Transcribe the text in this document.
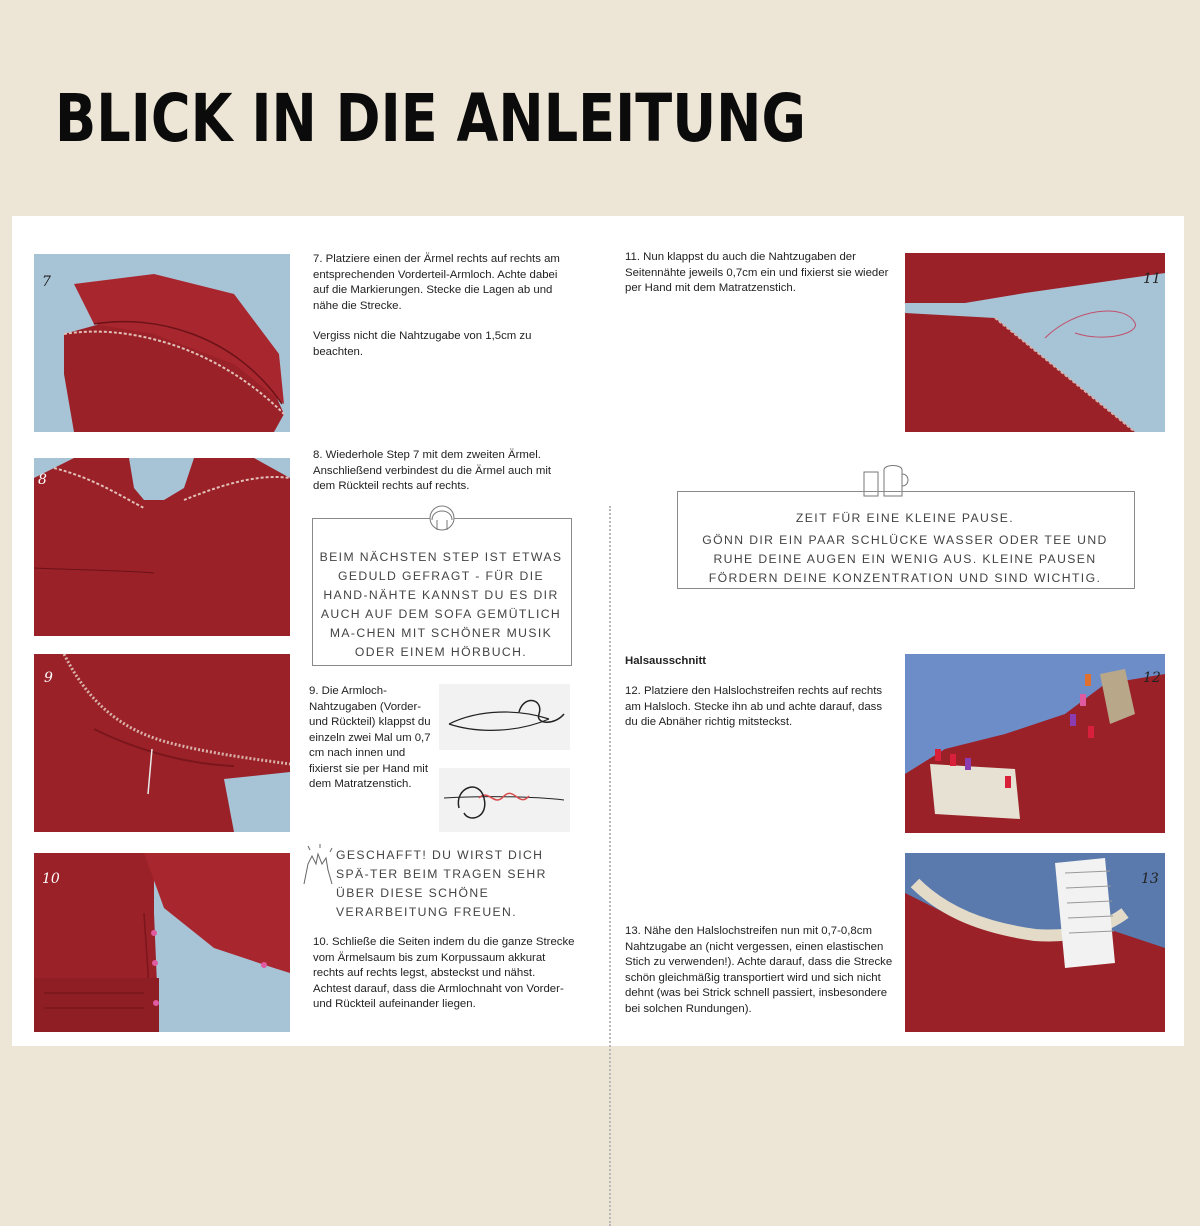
BLICK IN DIE ANLEITUNG
7

7. Platziere einen der Ärmel rechts auf rechts am entsprechenden Vorderteil-Armloch. Achte dabei auf die Markierungen. Stecke die Lagen ab und nähe die Strecke.

Vergiss nicht die Nahtzugabe von 1,5cm zu beachten.

8
8. Wiederhole Step 7 mit dem zweiten Ärmel. Anschließend verbindest du die Ärmel auch mit dem Rückteil rechts auf rechts.
BEIM NÄCHSTEN STEP IST ETWAS GEDULD GEFRAGT - FÜR DIE HAND-NÄHTE KANNST DU ES DIR AUCH AUF DEM SOFA GEMÜTLICH MA-CHEN MIT SCHÖNER MUSIK ODER EINEM HÖRBUCH.
9
9. Die Armloch-Nahtzugaben (Vorder- und Rückteil) klappst du einzeln zwei Mal um 0,7 cm nach innen und fixierst sie per Hand mit dem Matratzenstich.
GESCHAFFT! DU WIRST DICH SPÄ-TER BEIM TRAGEN SEHR ÜBER DIESE SCHÖNE VERARBEITUNG FREUEN.
10
10. Schließe die Seiten indem du die ganze Strecke vom Ärmelsaum bis zum Korpussaum akkurat rechts auf rechts legst, absteckst und nähst. Achtest darauf, dass die Armlochnaht von Vorder- und Rückteil aufeinander liegen.
11. Nun klappst du auch die Nahtzugaben der Seitennähte jeweils 0,7cm ein und fixierst sie wieder per Hand mit dem Matratzenstich.
11
ZEIT FÜR EINE KLEINE PAUSE.
GÖNN DIR EIN PAAR SCHLÜCKE WASSER ODER TEE UND RUHE DEINE AUGEN EIN WENIG AUS. KLEINE PAUSEN FÖRDERN DEINE KONZENTRATION UND SIND WICHTIG.
Halsausschnitt
12. Platziere den Halslochstreifen rechts auf rechts am Halsloch. Stecke ihn ab und achte darauf, dass du die Abnäher richtig mitsteckst.
12
13
13. Nähe den Halslochstreifen nun mit 0,7-0,8cm Nahtzugabe an (nicht vergessen, einen elastischen Stich zu verwenden!). Achte darauf, dass die Strecke schön gleichmäßig transportiert wird und sich nicht dehnt (was bei Strick schnell passiert, insbesondere bei solchen Rundungen).
